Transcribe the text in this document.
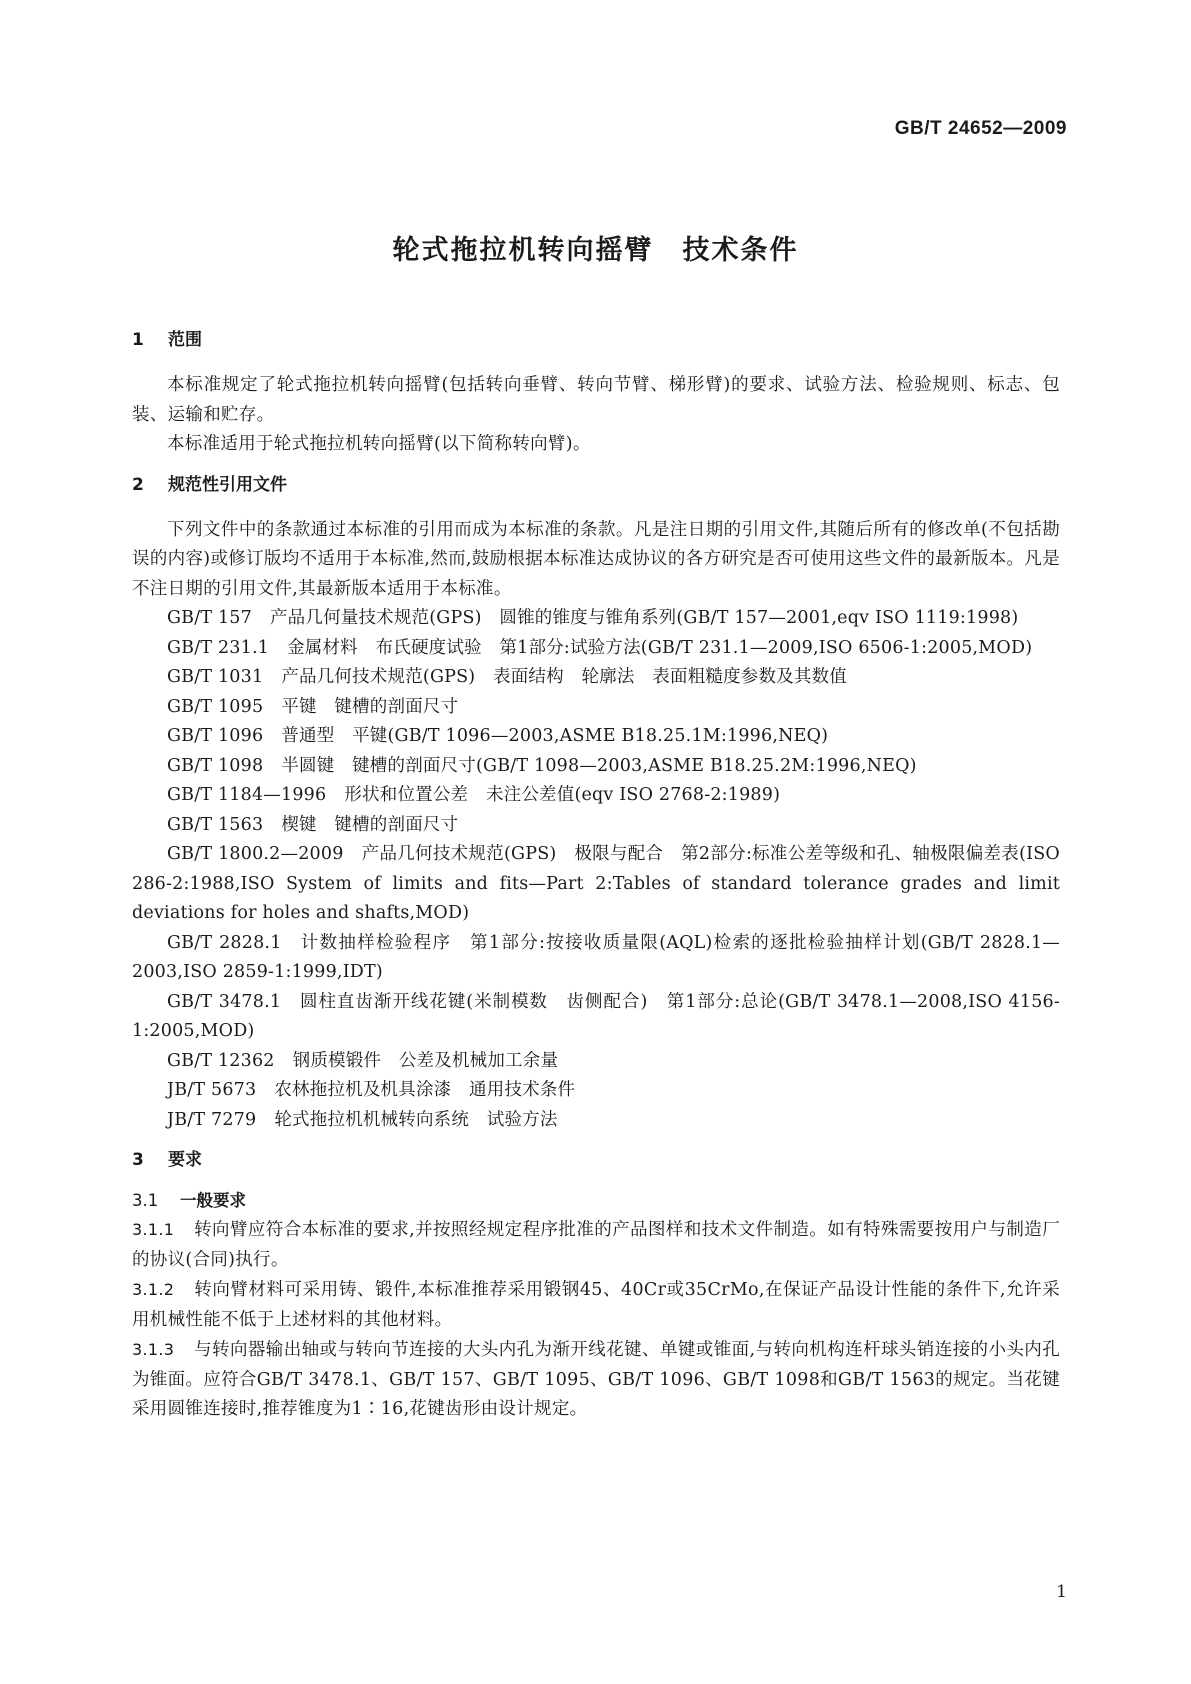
GB/T 24652—2009
轮式拖拉机转向摇臂　技术条件
1 范围

本标准规定了轮式拖拉机转向摇臂(包括转向垂臂、转向节臂、梯形臂)的要求、试验方法、检验规则、标志、包装、运输和贮存。

本标准适用于轮式拖拉机转向摇臂(以下简称转向臂)。

2 规范性引用文件

下列文件中的条款通过本标准的引用而成为本标准的条款。凡是注日期的引用文件,其随后所有的修改单(不包括勘误的内容)或修订版均不适用于本标准,然而,鼓励根据本标准达成协议的各方研究是否可使用这些文件的最新版本。凡是不注日期的引用文件,其最新版本适用于本标准。

GB/T 157 产品几何量技术规范(GPS)　圆锥的锥度与锥角系列(GB/T 157—2001,eqv ISO 1119:1998)

GB/T 231.1 金属材料　布氏硬度试验　第1部分:试验方法(GB/T 231.1—2009,ISO 6506-1:2005,MOD)

GB/T 1031 产品几何技术规范(GPS)　表面结构　轮廓法　表面粗糙度参数及其数值

GB/T 1095 平键　键槽的剖面尺寸

GB/T 1096 普通型　平键(GB/T 1096—2003,ASME B18.25.1M:1996,NEQ)

GB/T 1098 半圆键　键槽的剖面尺寸(GB/T 1098—2003,ASME B18.25.2M:1996,NEQ)

GB/T 1184—1996 形状和位置公差　未注公差值(eqv ISO 2768-2:1989)

GB/T 1563 楔键　键槽的剖面尺寸

GB/T 1800.2—2009 产品几何技术规范(GPS)　极限与配合　第2部分:标准公差等级和孔、轴极限偏差表(ISO 286-2:1988,ISO System of limits and fits—Part 2:Tables of standard tolerance grades and limit deviations for holes and shafts,MOD)

GB/T 2828.1 计数抽样检验程序　第1部分:按接收质量限(AQL)检索的逐批检验抽样计划(GB/T 2828.1—2003,ISO 2859-1:1999,IDT)

GB/T 3478.1 圆柱直齿渐开线花键(米制模数　齿侧配合)　第1部分:总论(GB/T 3478.1—2008,ISO 4156-1:2005,MOD)

GB/T 12362 钢质模锻件　公差及机械加工余量

JB/T 5673 农林拖拉机及机具涂漆　通用技术条件

JB/T 7279 轮式拖拉机机械转向系统　试验方法

3 要求
3.1 一般要求

3.1.1 转向臂应符合本标准的要求,并按照经规定程序批准的产品图样和技术文件制造。如有特殊需要按用户与制造厂的协议(合同)执行。

3.1.2 转向臂材料可采用铸、锻件,本标准推荐采用锻钢45、40Cr或35CrMo,在保证产品设计性能的条件下,允许采用机械性能不低于上述材料的其他材料。

3.1.3 与转向器输出轴或与转向节连接的大头内孔为渐开线花键、单键或锥面,与转向机构连杆球头销连接的小头内孔为锥面。应符合GB/T 3478.1、GB/T 157、GB/T 1095、GB/T 1096、GB/T 1098和GB/T 1563的规定。当花键采用圆锥连接时,推荐锥度为1∶16,花键齿形由设计规定。

1
